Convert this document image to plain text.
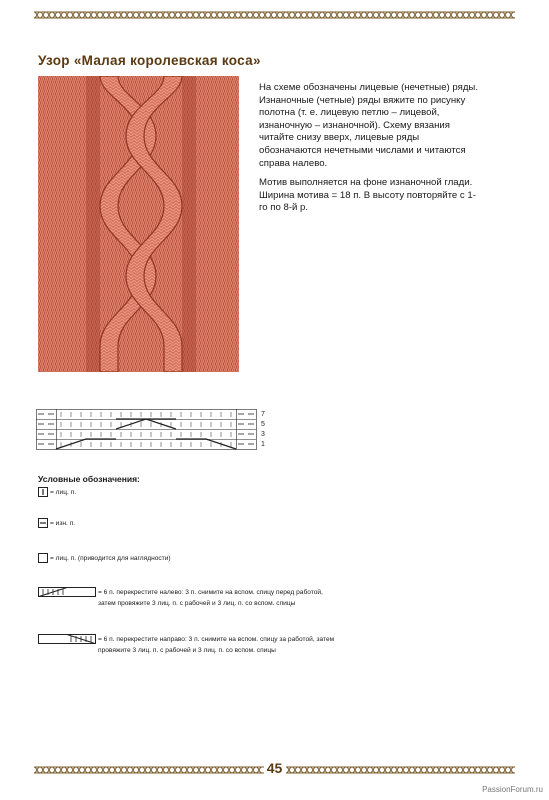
Узор «Малая королевская коса»

На схеме обозначены лицевые (нечетные) ряды. Изнаночные (четные) ряды вяжите по рисунку полотна (т. е. лицевую петлю – лицевой, изнаночную – изнаночной). Схему вязания читайте снизу вверх, лицевые ряды обозначаются нечетными числами и читаются справа налево.

Мотив выполняется на фоне изнаночной глади. Ширина мотива = 18 п. В высоту повторяйте с 1-го по 8-й р.

7
5
3
1
Условные обозначения:
= лиц. п.
= изн. п.
= лиц. п. (приводится для наглядности)
= 6 п. перекрестите налево: 3 п. снимите на вспом. спицу перед работой, затем провяжите 3 лиц. п. с рабочей и 3 лиц. п. со вспом. спицы
= 6 п. перекрестите направо: 3 п. снимите на вспом. спицу за работой, затем провяжите 3 лиц. п. с рабочей и 3 лиц. п. со вспом. спицы
45
PassionForum.ru
